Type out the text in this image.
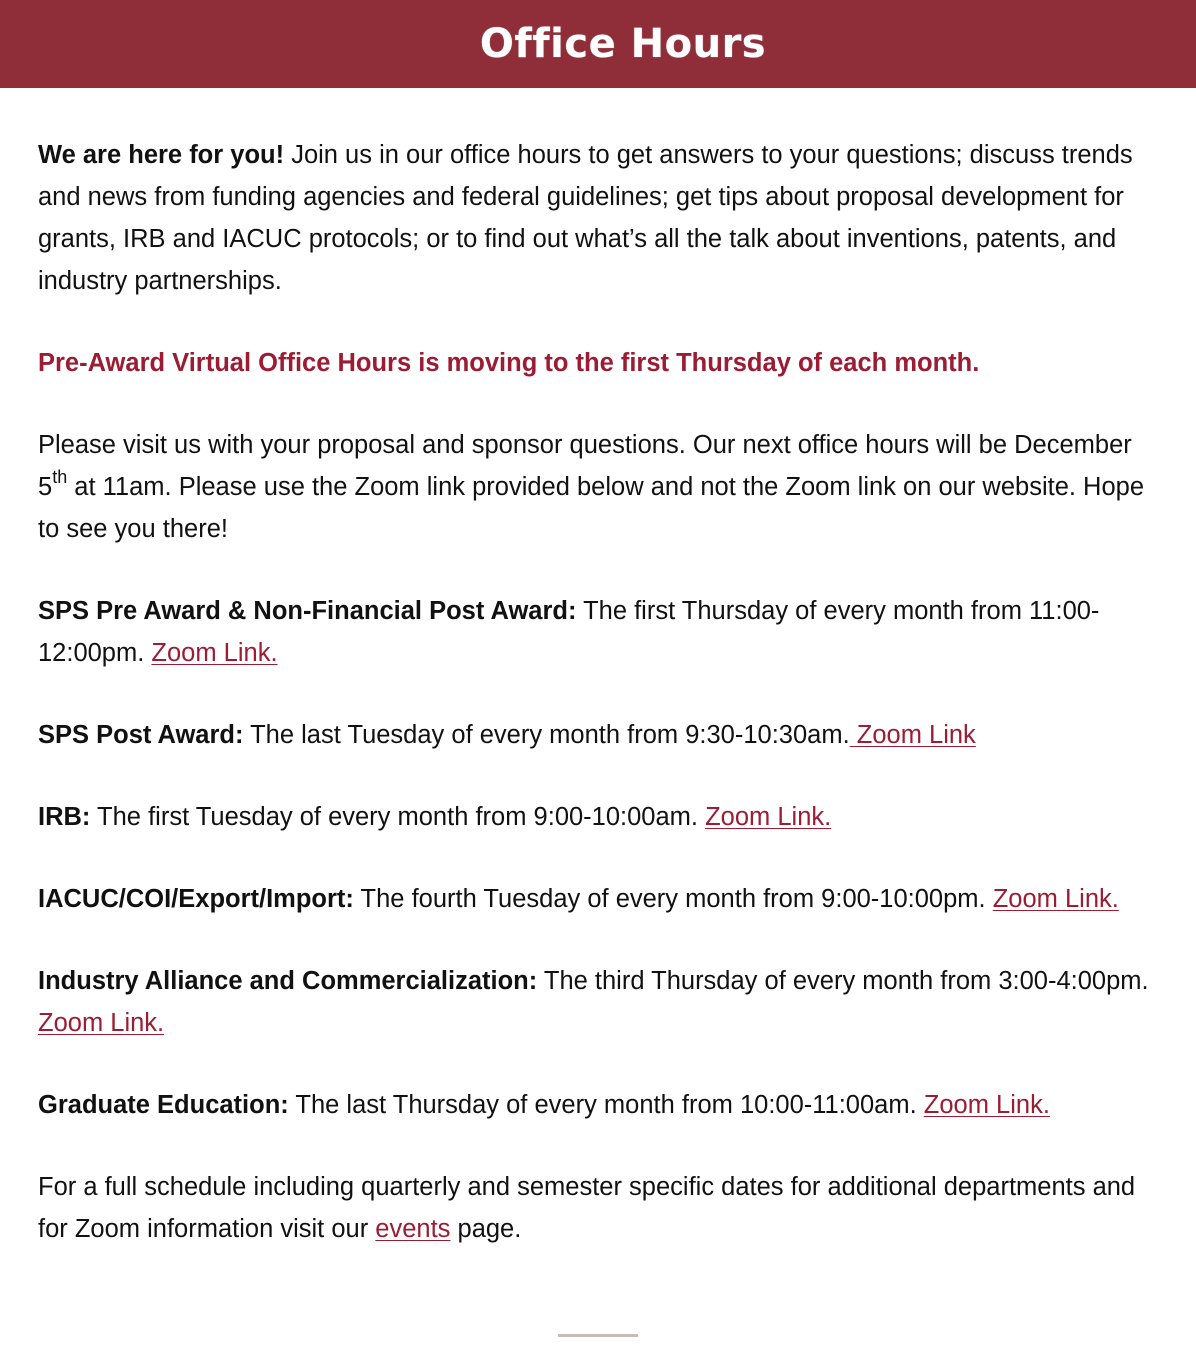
Office Hours

We are here for you! Join us in our office hours to get answers to your questions; discuss trends and news from funding agencies and federal guidelines; get tips about proposal development for grants, IRB and IACUC protocols; or to find out what’s all the talk about inventions, patents, and industry partnerships.

Pre-Award Virtual Office Hours is moving to the first Thursday of each month.

Please visit us with your proposal and sponsor questions. Our next office hours will be December 5th at 11am. Please use the Zoom link provided below and not the Zoom link on our website. Hope to see you there!

SPS Pre Award & Non-Financial Post Award: The first Thursday of every month from 11:00-12:00pm. Zoom Link.

SPS Post Award: The last Tuesday of every month from 9:30-10:30am. Zoom Link

IRB: The first Tuesday of every month from 9:00-10:00am. Zoom Link.

IACUC/COI/Export/Import: The fourth Tuesday of every month from 9:00-10:00pm. Zoom Link.

Industry Alliance and Commercialization: The third Thursday of every month from 3:00-4:00pm. Zoom Link.

Graduate Education: The last Thursday of every month from 10:00-11:00am. Zoom Link.

For a full schedule including quarterly and semester specific dates for additional departments and for Zoom information visit our events page.
